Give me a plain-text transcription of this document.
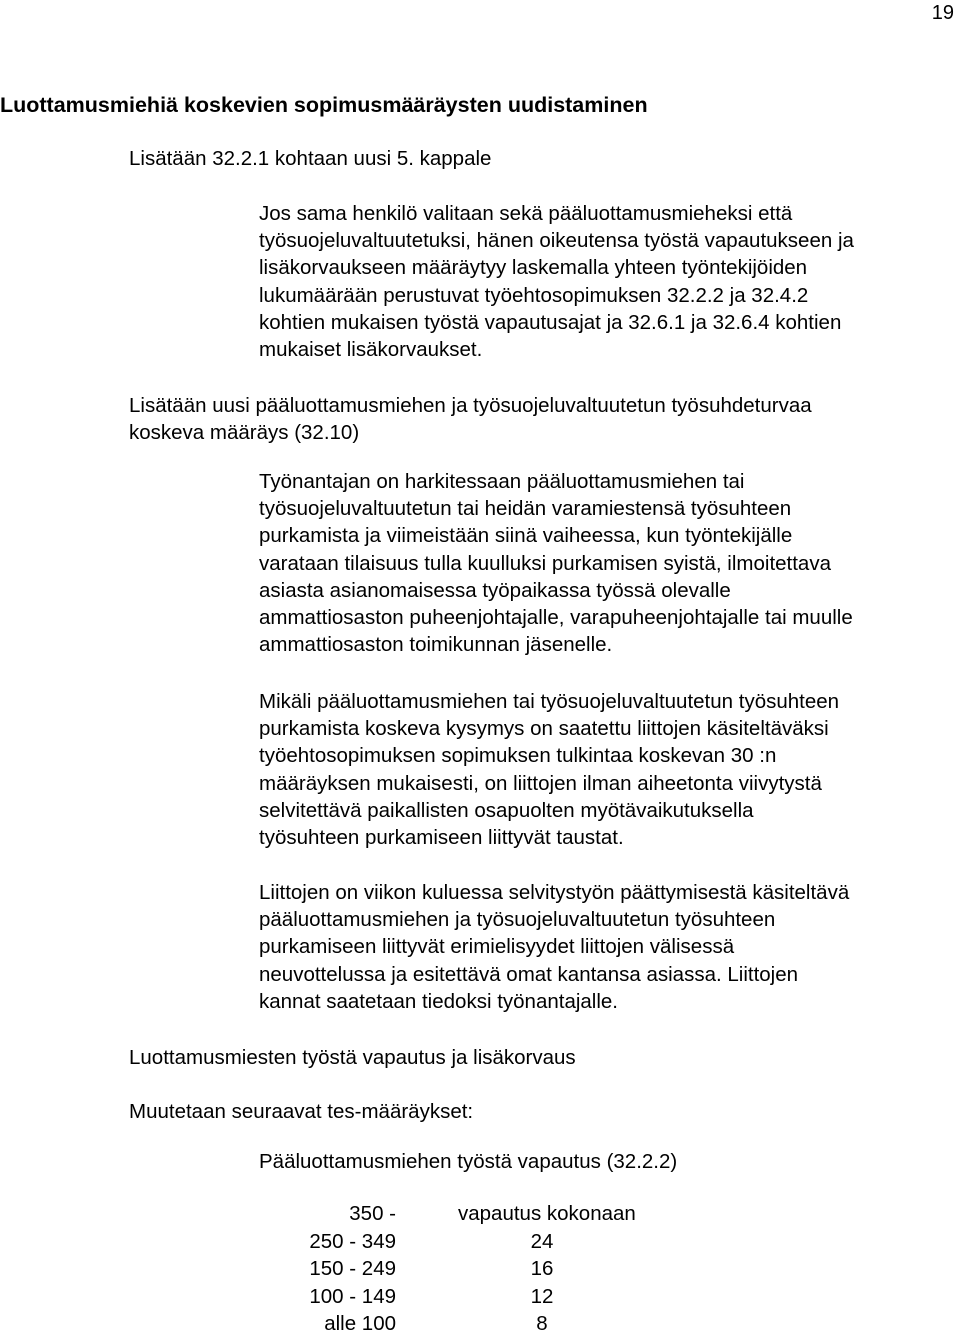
19
Luottamusmiehiä koskevien sopimusmääräysten uudistaminen
Lisätään 32.2.1 kohtaan uusi 5. kappale
Jos sama henkilö valitaan sekä pääluottamusmieheksi että
työsuojeluvaltuutetuksi, hänen oikeutensa työstä vapautukseen ja
lisäkorvaukseen määräytyy laskemalla yhteen työntekijöiden
lukumäärään perustuvat työehtosopimuksen 32.2.2 ja 32.4.2
kohtien mukaisen työstä vapautusajat ja 32.6.1 ja 32.6.4 kohtien
mukaiset lisäkorvaukset.
Lisätään uusi pääluottamusmiehen ja työsuojeluvaltuutetun työsuhdeturvaa
koskeva määräys (32.10)
Työnantajan on harkitessaan pääluottamusmiehen tai
työsuojeluvaltuutetun tai heidän varamiestensä työsuhteen
purkamista ja viimeistään siinä vaiheessa, kun työntekijälle
varataan tilaisuus tulla kuulluksi purkamisen syistä, ilmoitettava
asiasta asianomaisessa työpaikassa työssä olevalle
ammattiosaston puheenjohtajalle, varapuheenjohtajalle tai muulle
ammattiosaston toimikunnan jäsenelle.
Mikäli pääluottamusmiehen tai työsuojeluvaltuutetun työsuhteen
purkamista koskeva kysymys on saatettu liittojen käsiteltäväksi
työehtosopimuksen sopimuksen tulkintaa koskevan 30 :n
määräyksen mukaisesti, on liittojen ilman aiheetonta viivytystä
selvitettävä paikallisten osapuolten myötävaikutuksella
työsuhteen purkamiseen liittyvät taustat.
Liittojen on viikon kuluessa selvitystyön päättymisestä käsiteltävä
pääluottamusmiehen ja työsuojeluvaltuutetun työsuhteen
purkamiseen liittyvät erimielisyydet liittojen välisessä
neuvottelussa ja esitettävä omat kantansa asiassa. Liittojen
kannat saatetaan tiedoksi työnantajalle.
Luottamusmiesten työstä vapautus ja lisäkorvaus
Muutetaan seuraavat tes-määräykset:
Pääluottamusmiehen työstä vapautus (32.2.2)
350 -	vapautus kokonaan
250 - 349	24
150 - 249	16
100 - 149	12
alle 100	8
